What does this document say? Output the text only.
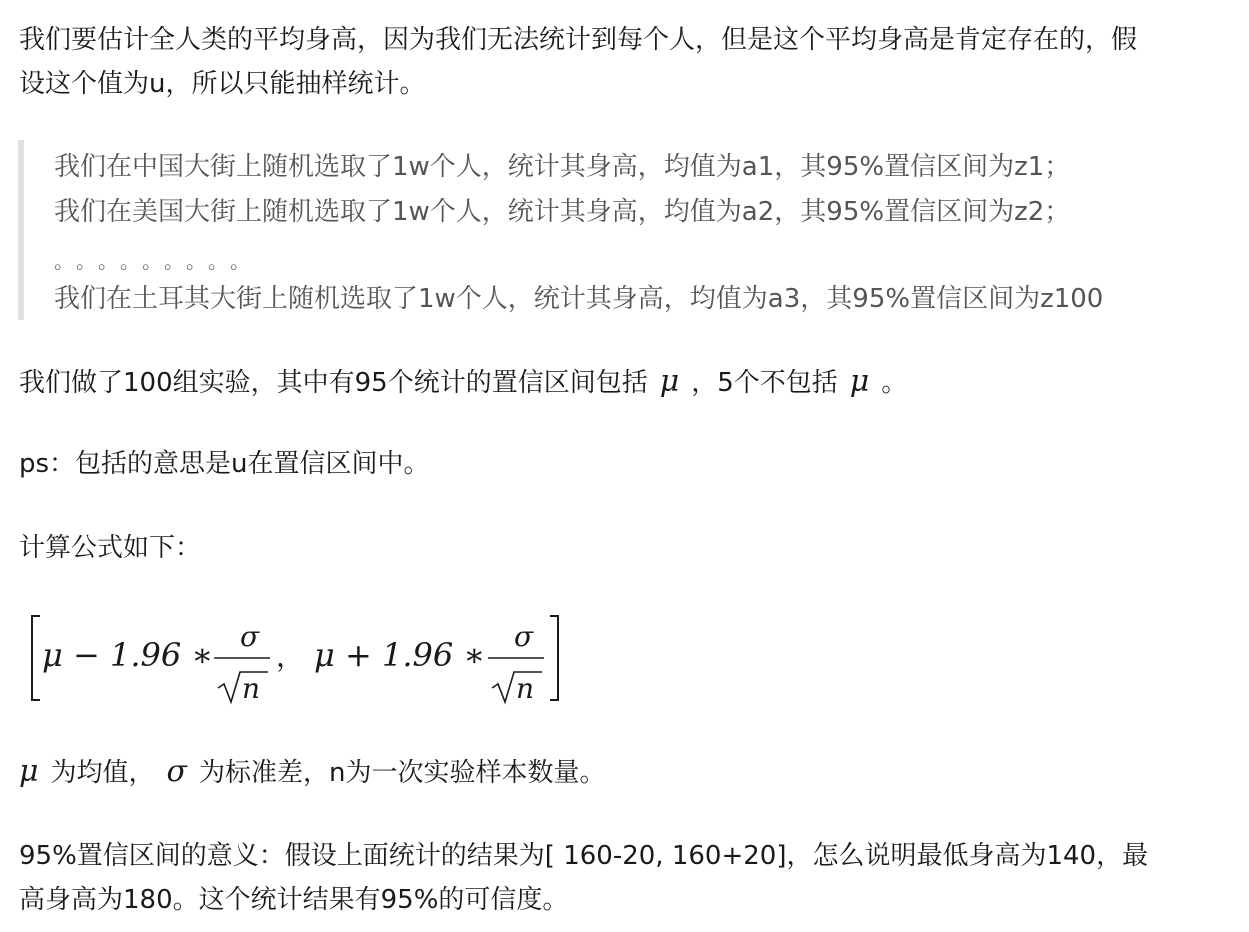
我们要估计全人类的平均身高，因为我们无法统计到每个人，但是这个平均身高是肯定存在的，假

设这个值为u，所以只能抽样统计。

我们在中国大街上随机选取了1w个人，统计其身高，均值为a1，其95%置信区间为z1；

我们在美国大街上随机选取了1w个人，统计其身高，均值为a2，其95%置信区间为z2；

。。。。。。。。。

我们在土耳其大街上随机选取了1w个人，统计其身高，均值为a3，其95%置信区间为z100

我们做了100组实验，其中有95个统计的置信区间包括 μ ，5个不包括 μ 。

ps：包括的意思是u在置信区间中。

计算公式如下：

μ − 1.96 ∗ σ
n
， μ + 1.96 ∗ σ
n

μ 为均值， σ 为标准差，n为一次实验样本数量。

95%置信区间的意义：假设上面统计的结果为[ 160-20, 160+20]，怎么说明最低身高为140，最

高身高为180。这个统计结果有95%的可信度。
